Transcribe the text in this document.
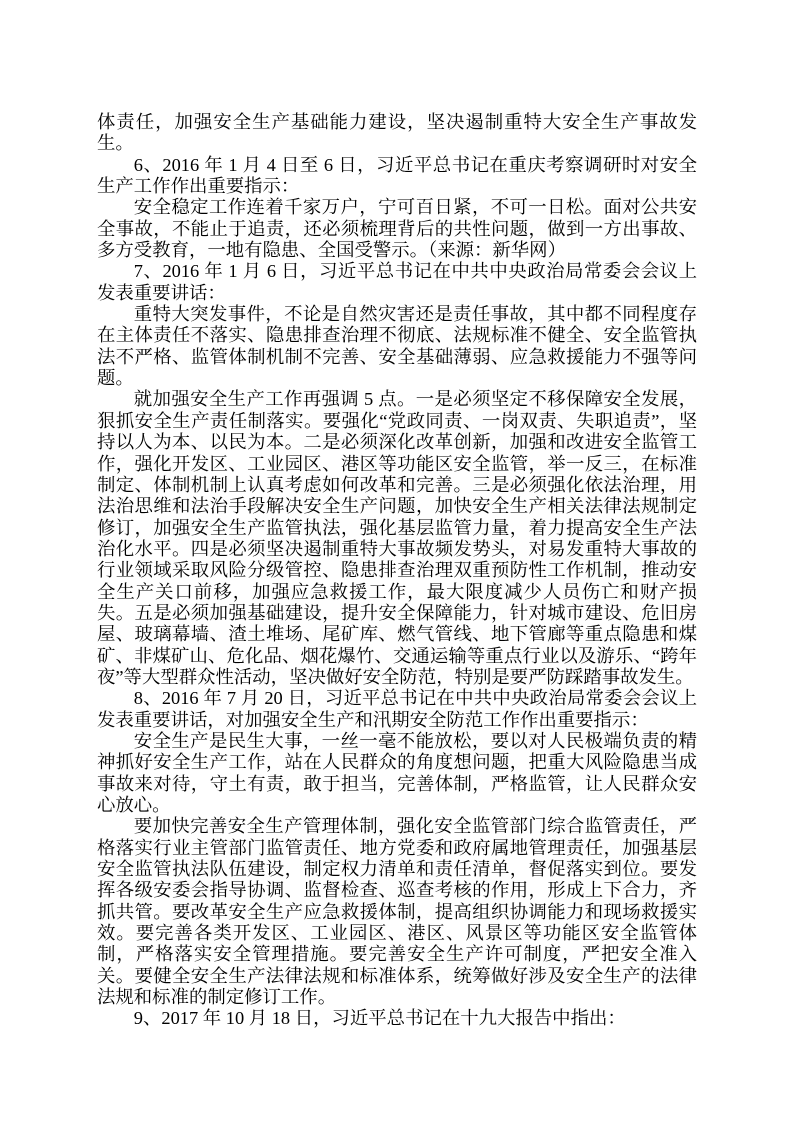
体责任，加强安全生产基础能力建设，坚决遏制重特大安全生产事故发生。

6、2016 年 1 月 4 日至 6 日，习近平总书记在重庆考察调研时对安全生产工作作出重要指示：

安全稳定工作连着千家万户，宁可百日紧，不可一日松。面对公共安全事故，不能止于追责，还必须梳理背后的共性问题，做到一方出事故、多方受教育，一地有隐患、全国受警示。（来源：新华网）

7、2016 年 1 月 6 日，习近平总书记在中共中央政治局常委会会议上发表重要讲话：

重特大突发事件，不论是自然灾害还是责任事故，其中都不同程度存在主体责任不落实、隐患排查治理不彻底、法规标准不健全、安全监管执法不严格、监管体制机制不完善、安全基础薄弱、应急救援能力不强等问题。

就加强安全生产工作再强调 5 点。一是必须坚定不移保障安全发展，狠抓安全生产责任制落实。要强化“党政同责、一岗双责、失职追责”，坚持以人为本、以民为本。二是必须深化改革创新，加强和改进安全监管工作，强化开发区、工业园区、港区等功能区安全监管，举一反三，在标准制定、体制机制上认真考虑如何改革和完善。三是必须强化依法治理，用法治思维和法治手段解决安全生产问题，加快安全生产相关法律法规制定修订，加强安全生产监管执法，强化基层监管力量，着力提高安全生产法治化水平。四是必须坚决遏制重特大事故频发势头，对易发重特大事故的行业领域采取风险分级管控、隐患排查治理双重预防性工作机制，推动安全生产关口前移，加强应急救援工作，最大限度减少人员伤亡和财产损失。五是必须加强基础建设，提升安全保障能力，针对城市建设、危旧房屋、玻璃幕墙、渣土堆场、尾矿库、燃气管线、地下管廊等重点隐患和煤矿、非煤矿山、危化品、烟花爆竹、交通运输等重点行业以及游乐、“跨年夜”等大型群众性活动，坚决做好安全防范，特别是要严防踩踏事故发生。

8、2016 年 7 月 20 日，习近平总书记在中共中央政治局常委会会议上发表重要讲话，对加强安全生产和汛期安全防范工作作出重要指示：

安全生产是民生大事，一丝一毫不能放松，要以对人民极端负责的精神抓好安全生产工作，站在人民群众的角度想问题，把重大风险隐患当成事故来对待，守土有责，敢于担当，完善体制，严格监管，让人民群众安心放心。

要加快完善安全生产管理体制，强化安全监管部门综合监管责任，严格落实行业主管部门监管责任、地方党委和政府属地管理责任，加强基层安全监管执法队伍建设，制定权力清单和责任清单，督促落实到位。要发挥各级安委会指导协调、监督检查、巡查考核的作用，形成上下合力，齐抓共管。要改革安全生产应急救援体制，提高组织协调能力和现场救援实效。要完善各类开发区、工业园区、港区、风景区等功能区安全监管体制，严格落实安全管理措施。要完善安全生产许可制度，严把安全准入关。要健全安全生产法律法规和标准体系，统筹做好涉及安全生产的法律法规和标准的制定修订工作。

9、2017 年 10 月 18 日，习近平总书记在十九大报告中指出：
